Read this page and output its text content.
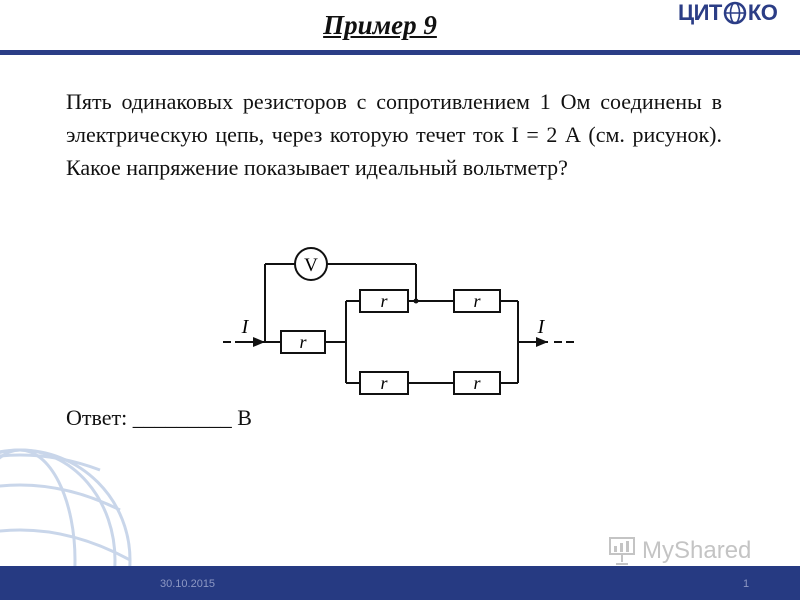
Пример 9	ЦИТ КО
Пять одинаковых резисторов с сопротивлением 1 Ом соединены в электрическую цепь, через которую течет ток I = 2 А (см. рисунок). Какое напряжение показывает идеальный вольтметр?
V
r
r	r
r	r
I	I
Ответ: _________ В
MyShared
30.10.2015	1
